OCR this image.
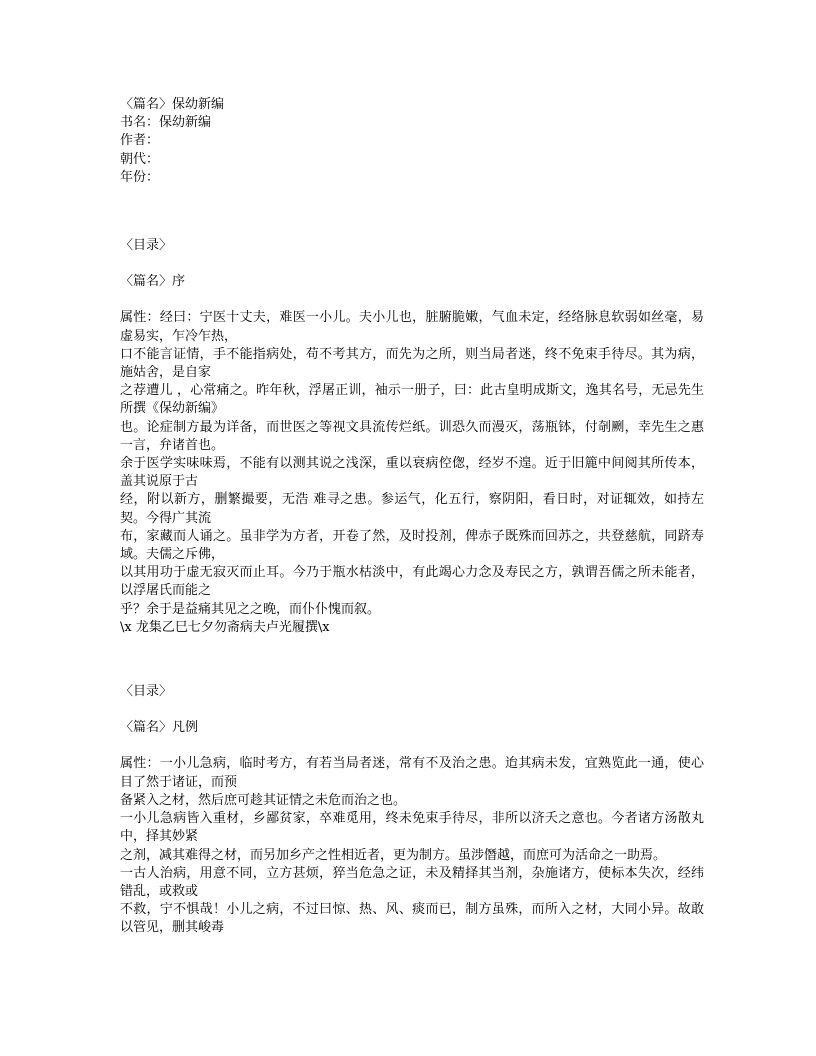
〈篇名〉保幼新编
书名：保幼新编
作者：
朝代：
年份：
〈目录〉
〈篇名〉序
属性：经曰：宁医十丈夫，难医一小儿。夫小儿也，脏腑脆嫩，气血未定，经络脉息软弱如丝毫，易虚易实，乍冷乍热，
口不能言证情，手不能指病处，苟不考其方，而先为之所，则当局者迷，终不免束手待尽。其为病，  施姑舍，是自家
之荐遭儿 ，心常痛之。昨年秋，浮屠正训，袖示一册子，曰：此古皇明成斯文，逸其名号，无忌先生所撰《保幼新编》
也。论症制方最为详备，而世医之等视文具流传烂纸。训恐久而漫灭，荡瓶钵，付剞劂，幸先生之惠一言，弁诸首也。
余于医学实味味焉，不能有以测其说之浅深，重以衰病倥偬，经岁不遑。近于旧簏中间阅其所传本，盖其说原于古
经，附以新方，删繁撮要，无浩 难寻之患。参运气，化五行，察阴阳，看日时，对证辄效，如持左契。今得广其流
布，家藏而人诵之。虽非学为方者，开卷了然，及时投剂，俾赤子既殊而回苏之，共登慈航，同跻寿域。夫儒之斥佛，
以其用功于虚无寂灭而止耳。今乃于瓶水枯淡中，有此竭心力念及寿民之方，孰谓吾儒之所未能者，以浮屠氏而能之
乎？余于是益痛其见之之晚，而仆仆愧而叙。
\x 龙集乙巳七夕勿斋病夫卢光履撰\x
〈目录〉
〈篇名〉凡例
属性：一小儿急病，临时考方，有若当局者迷，常有不及治之患。迨其病未发，宜熟览此一通，使心目了然于诸证，而预
备紧入之材，然后庶可趁其证情之未危而治之也。
一小儿急病皆入重材，乡鄙贫家，卒难觅用，终未免束手待尽，非所以济夭之意也。今者诸方汤散丸中，择其妙紧
之剂，减其难得之材，而另加乡产之性相近者，更为制方。虽涉僭越，而庶可为活命之一助焉。
一古人治病，用意不同，立方甚烦，猝当危急之证，未及精择其当剂，杂施诸方，使标本失次，经纬错乱，或救或
不救，宁不惧哉！小儿之病，不过曰惊、热、风、痰而已，制方虽殊，而所入之材，大同小异。故敢以管见，删其峻毒
